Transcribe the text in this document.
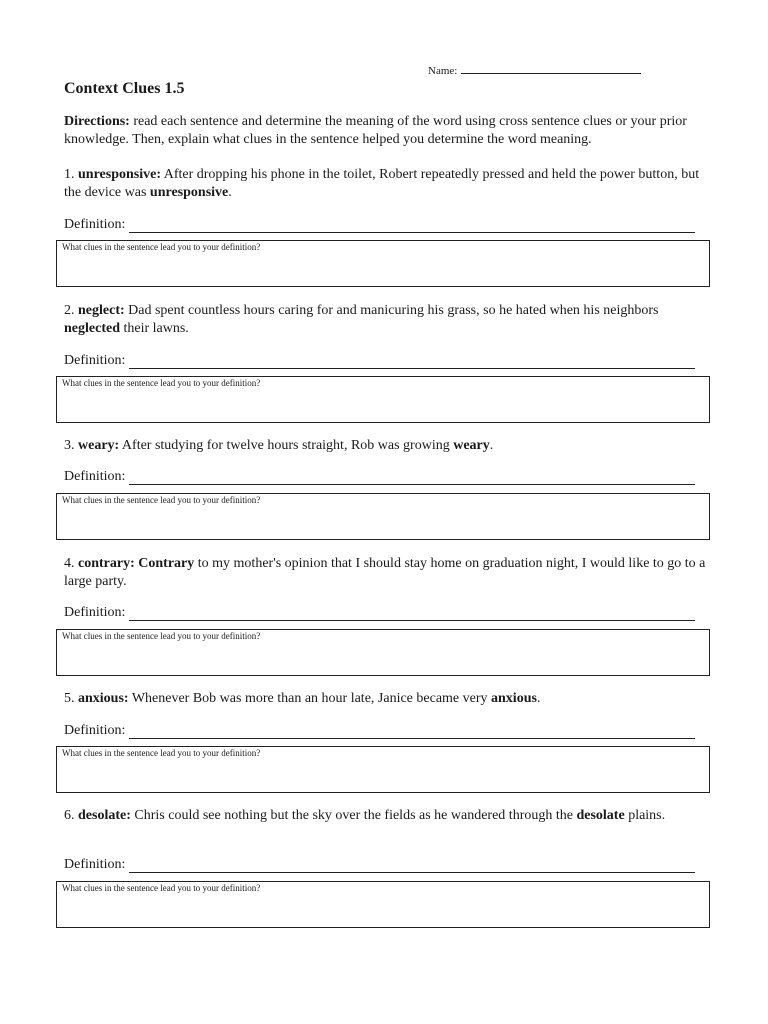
Name:
Context Clues 1.5
Directions: read each sentence and determine the meaning of the word using cross sentence clues or your prior knowledge. Then, explain what clues in the sentence helped you determine the word meaning.

1. unresponsive: After dropping his phone in the toilet, Robert repeatedly pressed and held the power button, but the device was unresponsive.

Definition:
What clues in the sentence lead you to your definition?

2. neglect: Dad spent countless hours caring for and manicuring his grass, so he hated when his neighbors neglected their lawns.

Definition:
What clues in the sentence lead you to your definition?

3. weary: After studying for twelve hours straight, Rob was growing weary.

Definition:
What clues in the sentence lead you to your definition?

4. contrary: Contrary to my mother's opinion that I should stay home on graduation night, I would like to go to a large party.

Definition:
What clues in the sentence lead you to your definition?

5. anxious: Whenever Bob was more than an hour late, Janice became very anxious.

Definition:
What clues in the sentence lead you to your definition?

6. desolate: Chris could see nothing but the sky over the fields as he wandered through the desolate plains.

Definition:
What clues in the sentence lead you to your definition?
